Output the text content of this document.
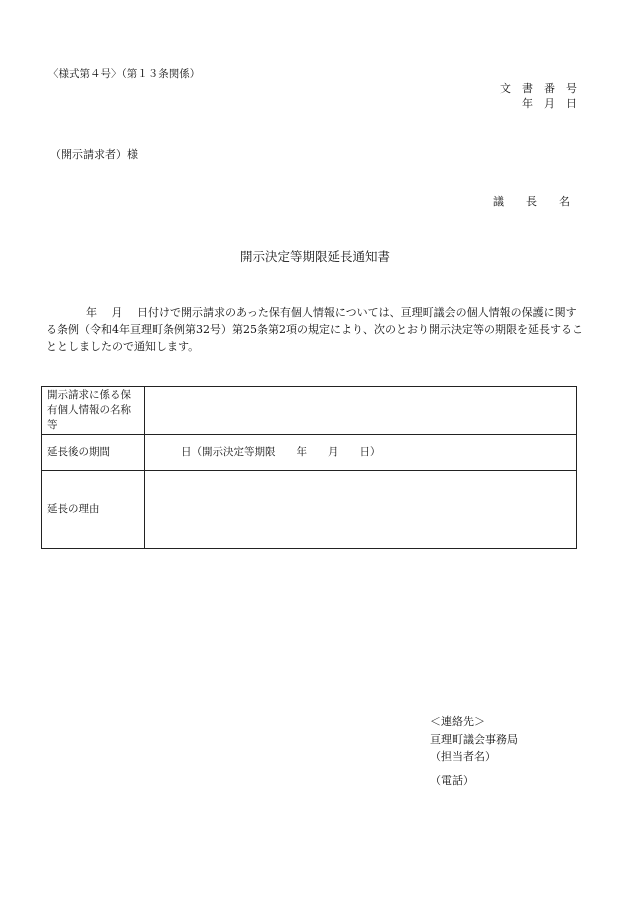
〈様式第４号〉（第１３条関係）
文　書　番　号
年　月　日
（開示請求者）様
議　　長　　名
開示決定等期限延長通知書
年　 月　 日付けで開示請求のあった保有個人情報については、亘理町議会の個人情報の保護に関する条例（令和4年亘理町条例第32号）第25条第2項の規定により、次のとおり開示決定等の期限を延長することとしましたので通知します。
開示請求に係る保有個人情報の名称等	
延長後の期間	日（開示決定等期限　　年　　月　　日）
延長の理由	
＜連絡先＞
亘理町議会事務局
（担当者名）
（電話）
